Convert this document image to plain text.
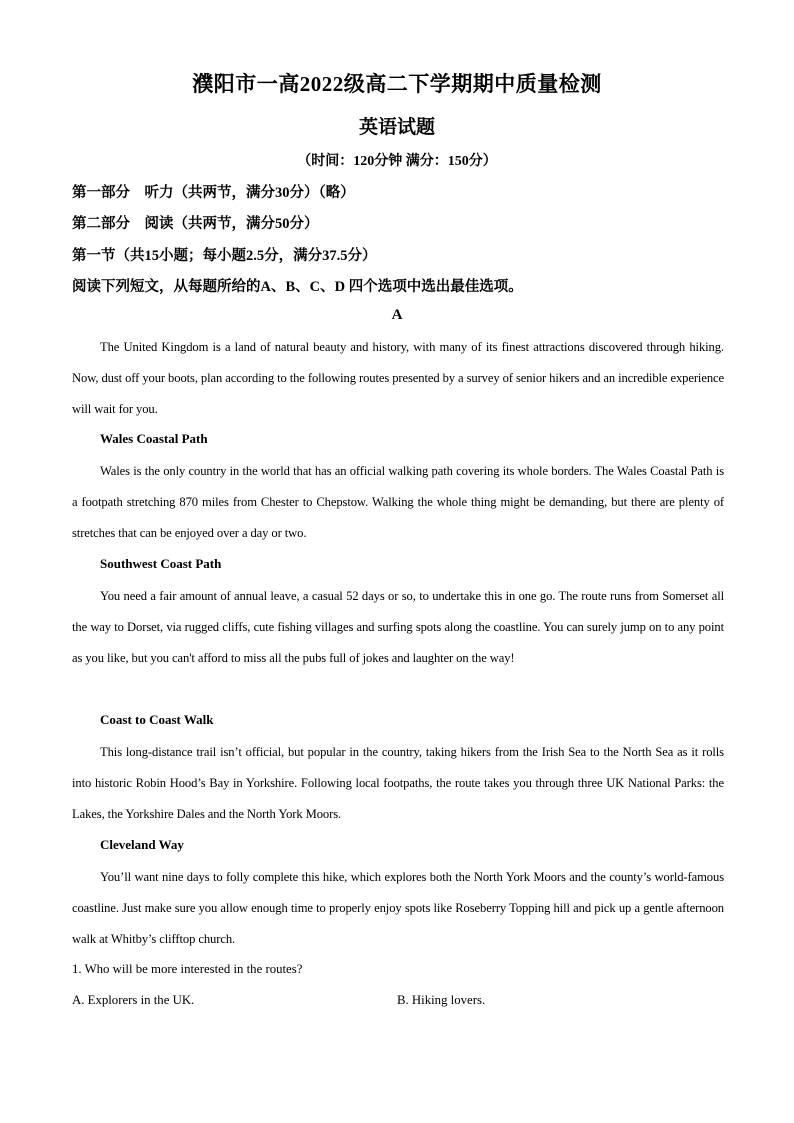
濮阳市一高2022级高二下学期期中质量检测
英语试题
（时间：120分钟 满分：150分）
第一部分　听力（共两节，满分30分）（略）
第二部分　阅读（共两节，满分50分）
第一节（共15小题；每小题2.5分，满分37.5分）
阅读下列短文，从每题所给的A、B、C、D 四个选项中选出最佳选项。
A

The United Kingdom is a land of natural beauty and history, with many of its finest attractions discovered through hiking. Now, dust off your boots, plan according to the following routes presented by a survey of senior hikers and an incredible experience will wait for you.

Wales Coastal Path

Wales is the only country in the world that has an official walking path covering its whole borders. The Wales Coastal Path is a footpath stretching 870 miles from Chester to Chepstow. Walking the whole thing might be demanding, but there are plenty of stretches that can be enjoyed over a day or two.

Southwest Coast Path

You need a fair amount of annual leave, a casual 52 days or so, to undertake this in one go. The route runs from Somerset all the way to Dorset, via rugged cliffs, cute fishing villages and surfing spots along the coastline. You can surely jump on to any point as you like, but you can't afford to miss all the pubs full of jokes and laughter on the way!

Coast to Coast Walk

This long-distance trail isn’t official, but popular in the country, taking hikers from the Irish Sea to the North Sea as it rolls into historic Robin Hood’s Bay in Yorkshire. Following local footpaths, the route takes you through three UK National Parks: the Lakes, the Yorkshire Dales and the North York Moors.

Cleveland Way

You’ll want nine days to folly complete this hike, which explores both the North York Moors and the county’s world-famous coastline. Just make sure you allow enough time to properly enjoy spots like Roseberry Topping hill and pick up a gentle afternoon walk at Whitby’s clifftop church.

1. Who will be more interested in the routes?
A. Explorers in the UK.	B. Hiking lovers.
